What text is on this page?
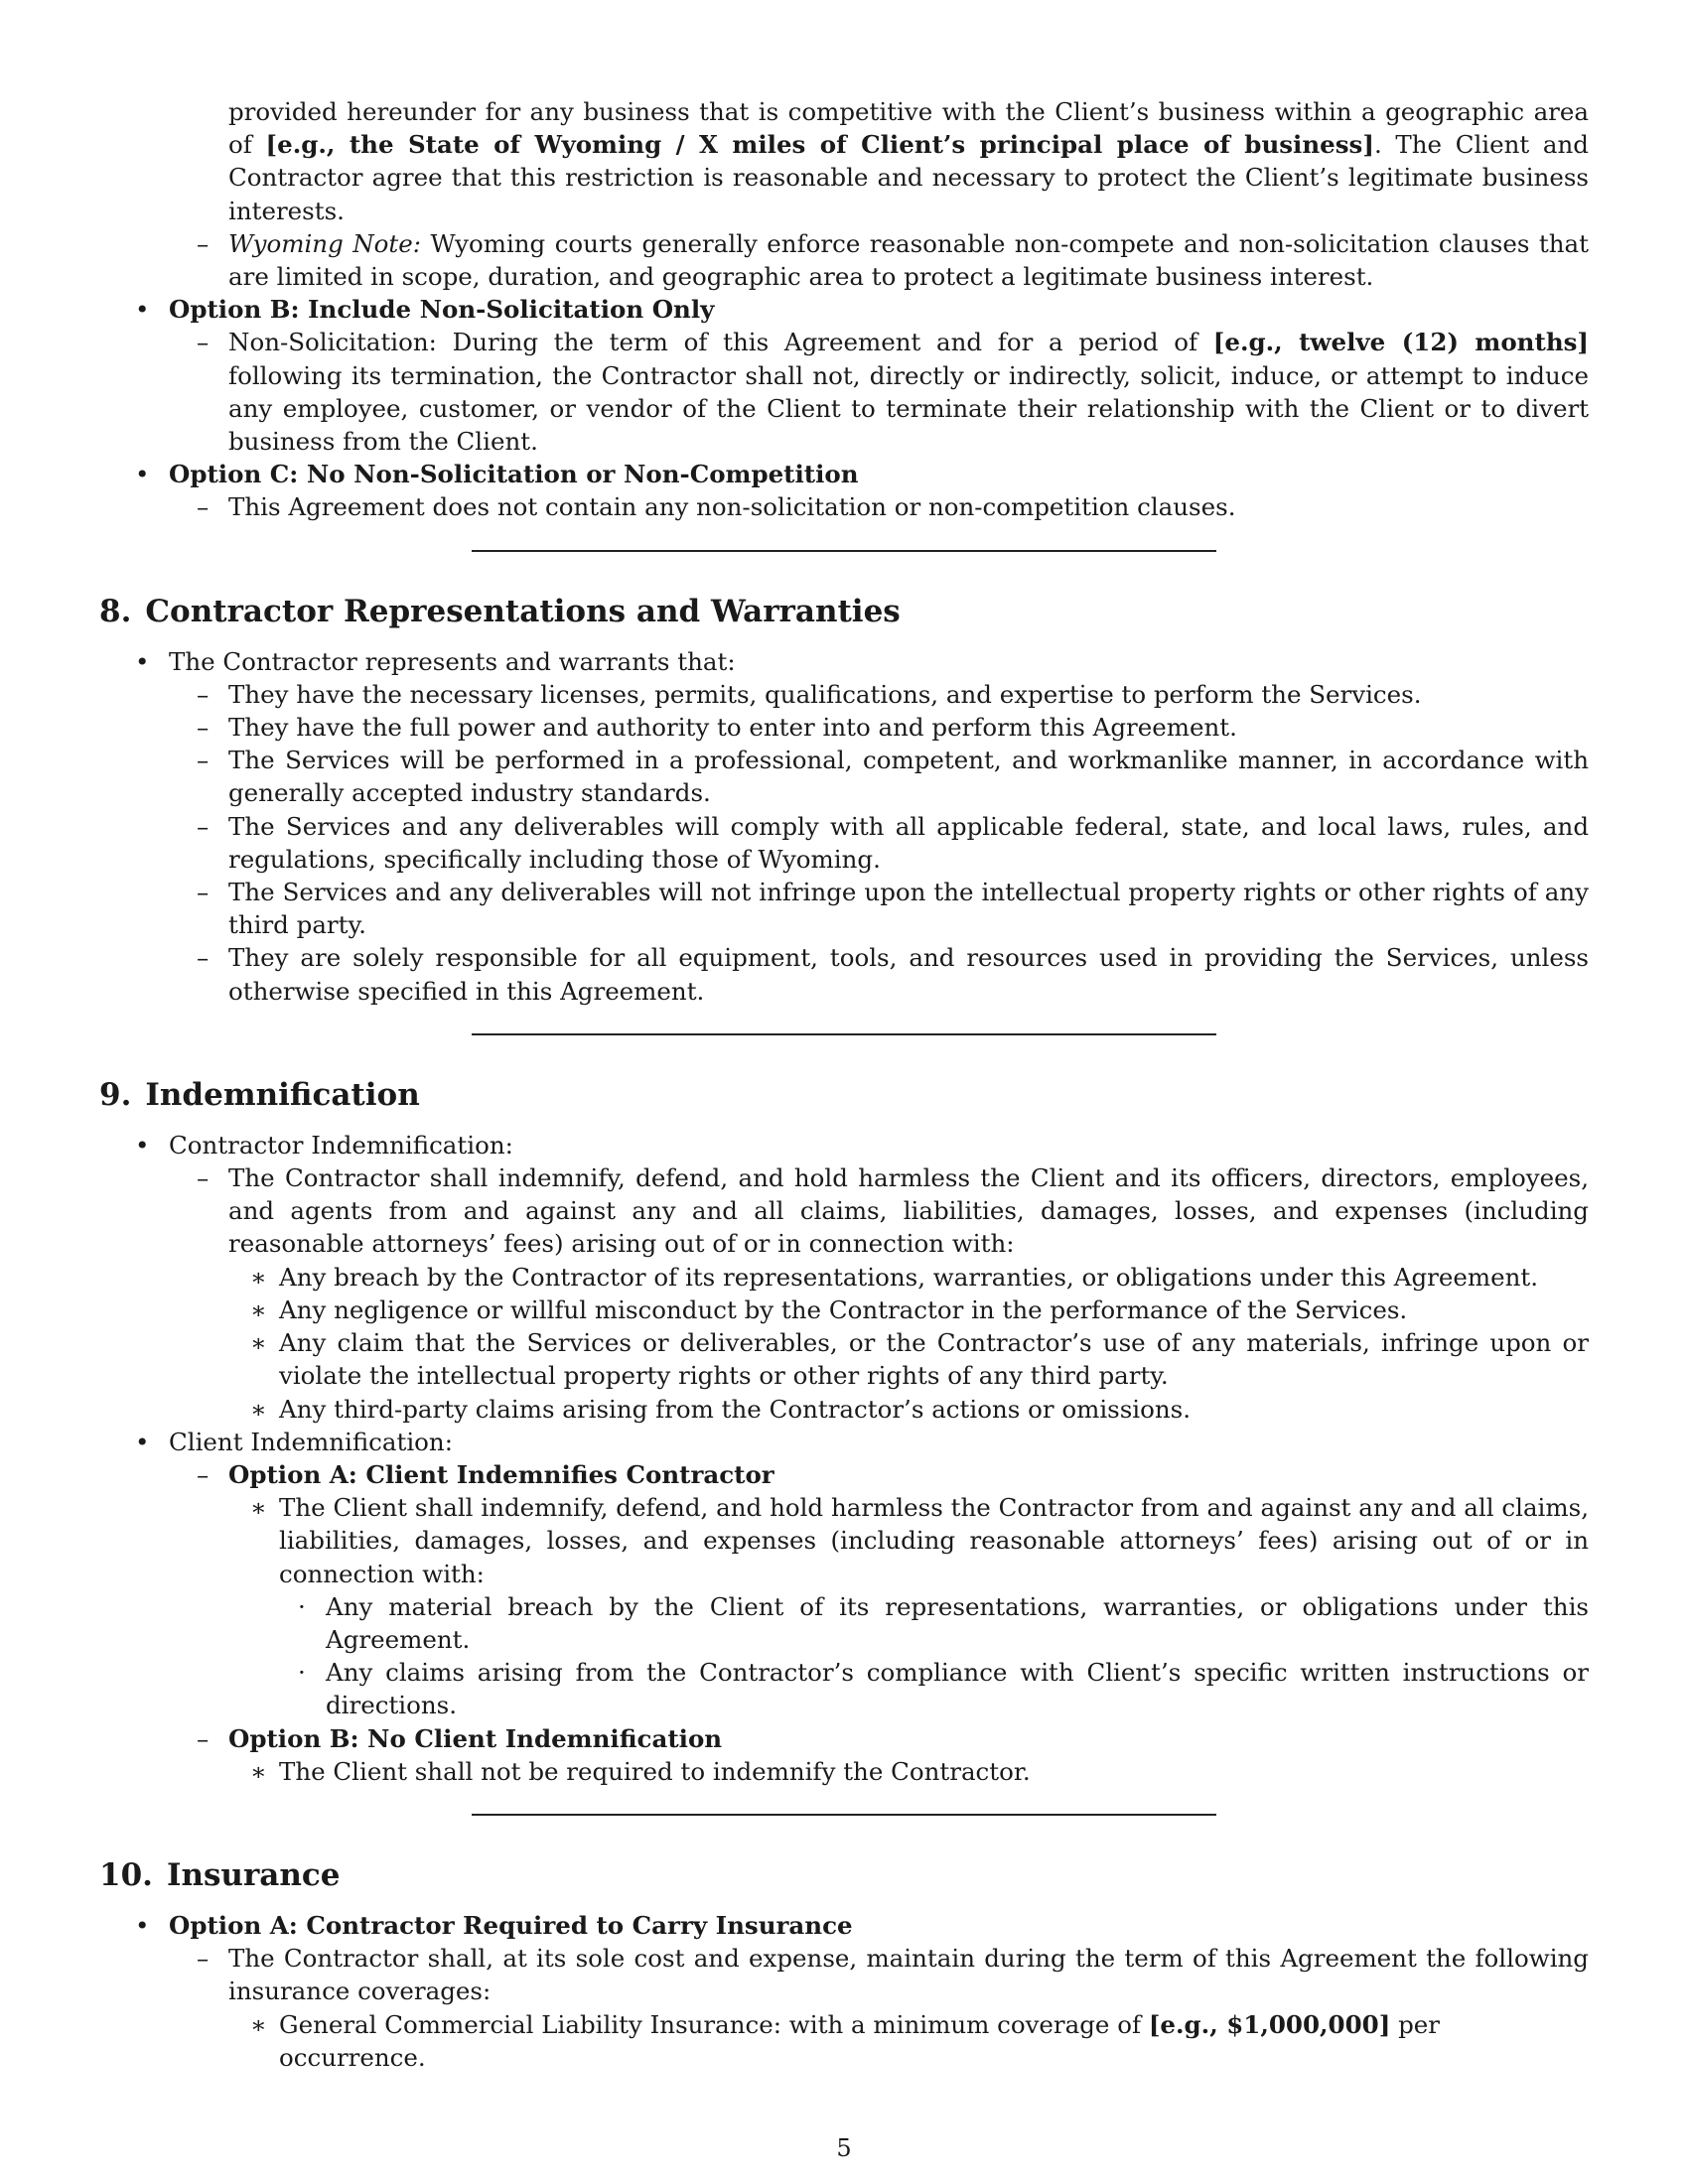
provided hereunder for any business that is competitive with the Client’s business within a geographic area of [e.g., the State of Wyoming / X miles of Client’s principal place of business]. The Client and Contractor agree that this restriction is reasonable and necessary to protect the Client’s legitimate business interests.
– Wyoming Note: Wyoming courts generally enforce reasonable non-compete and non-solicitation clauses that are limited in scope, duration, and geographic area to protect a legitimate business interest.
• Option B: Include Non-Solicitation Only
– Non-Solicitation: During the term of this Agreement and for a period of [e.g., twelve (12) months] following its termination, the Contractor shall not, directly or indirectly, solicit, induce, or attempt to induce any employee, customer, or vendor of the Client to terminate their relationship with the Client or to divert business from the Client.
• Option C: No Non-Solicitation or Non-Competition
– This Agreement does not contain any non-solicitation or non-competition clauses.
8. Contractor Representations and Warranties
• The Contractor represents and warrants that:
– They have the necessary licenses, permits, qualifications, and expertise to perform the Services.
– They have the full power and authority to enter into and perform this Agreement.
– The Services will be performed in a professional, competent, and workmanlike manner, in accordance with generally accepted industry standards.
– The Services and any deliverables will comply with all applicable federal, state, and local laws, rules, and regulations, specifically including those of Wyoming.
– The Services and any deliverables will not infringe upon the intellectual property rights or other rights of any third party.
– They are solely responsible for all equipment, tools, and resources used in providing the Services, unless otherwise specified in this Agreement.
9. Indemnification
• Contractor Indemnification:
– The Contractor shall indemnify, defend, and hold harmless the Client and its officers, directors, employees, and agents from and against any and all claims, liabilities, damages, losses, and expenses (including reasonable attorneys’ fees) arising out of or in connection with:
∗ Any breach by the Contractor of its representations, warranties, or obligations under this Agreement.
∗ Any negligence or willful misconduct by the Contractor in the performance of the Services.
∗ Any claim that the Services or deliverables, or the Contractor’s use of any materials, infringe upon or violate the intellectual property rights or other rights of any third party.
∗ Any third-party claims arising from the Contractor’s actions or omissions.
• Client Indemnification:
– Option A: Client Indemnifies Contractor
∗ The Client shall indemnify, defend, and hold harmless the Contractor from and against any and all claims, liabilities, damages, losses, and expenses (including reasonable attorneys’ fees) arising out of or in connection with:
· Any material breach by the Client of its representations, warranties, or obligations under this Agreement.
· Any claims arising from the Contractor’s compliance with Client’s specific written instructions or directions.
– Option B: No Client Indemnification
∗ The Client shall not be required to indemnify the Contractor.
10. Insurance
• Option A: Contractor Required to Carry Insurance
– The Contractor shall, at its sole cost and expense, maintain during the term of this Agreement the following insurance coverages:
∗ General Commercial Liability Insurance: with a minimum coverage of [e.g., $1,000,000] per occurrence.
5
